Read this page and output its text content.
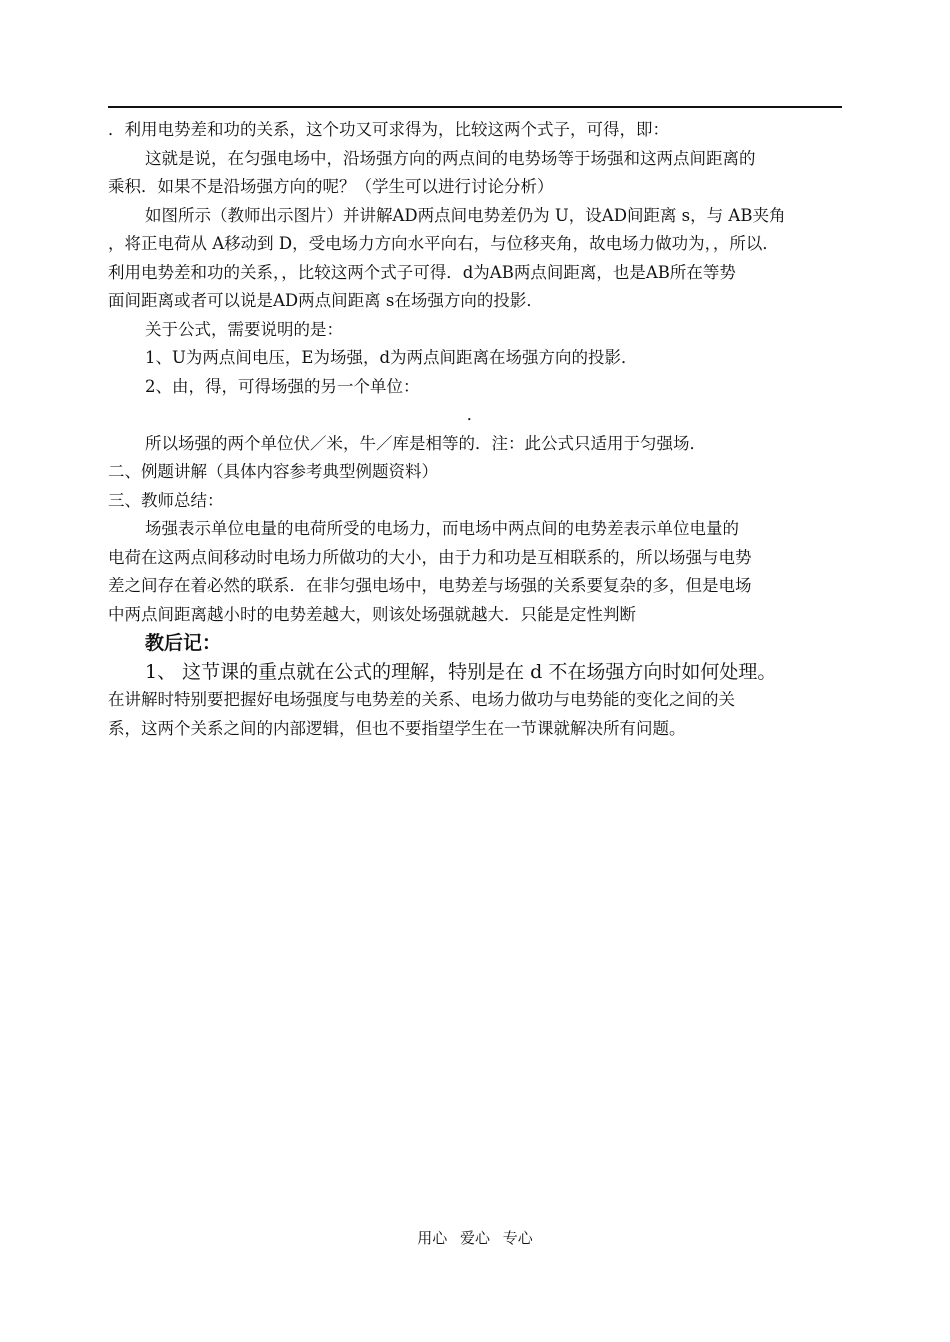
．利用电势差和功的关系，这个功又可求得为，比较这两个式子，可得，即：

这就是说，在匀强电场中，沿场强方向的两点间的电势场等于场强和这两点间距离的

乘积．如果不是沿场强方向的呢？（学生可以进行讨论分析）

如图所示（教师出示图片）并讲解AD两点间电势差仍为 U，设AD间距离 s，与 AB夹角

，将正电荷从 A移动到 D，受电场力方向水平向右，与位移夹角，故电场力做功为，，所以．

利用电势差和功的关系，，比较这两个式子可得．d为AB两点间距离，也是AB所在等势

面间距离或者可以说是AD两点间距离 s在场强方向的投影．

关于公式，需要说明的是：

1、U为两点间电压，E为场强，d为两点间距离在场强方向的投影．

2、由，得，可得场强的另一个单位：

．

所以场强的两个单位伏／米，牛／库是相等的．注：此公式只适用于匀强场．

二、例题讲解（具体内容参考典型例题资料）

三、教师总结：

场强表示单位电量的电荷所受的电场力，而电场中两点间的电势差表示单位电量的

电荷在这两点间移动时电场力所做功的大小，由于力和功是互相联系的，所以场强与电势

差之间存在着必然的联系．在非匀强电场中，电势差与场强的关系要复杂的多，但是电场

中两点间距离越小时的电势差越大，则该处场强就越大．只能是定性判断

教后记：

1、 这节课的重点就在公式的理解，特别是在 d 不在场强方向时如何处理。

在讲解时特别要把握好电场强度与电势差的关系、电场力做功与电势能的变化之间的关

系，这两个关系之间的内部逻辑，但也不要指望学生在一节课就解决所有问题。

用心 爱心 专心
